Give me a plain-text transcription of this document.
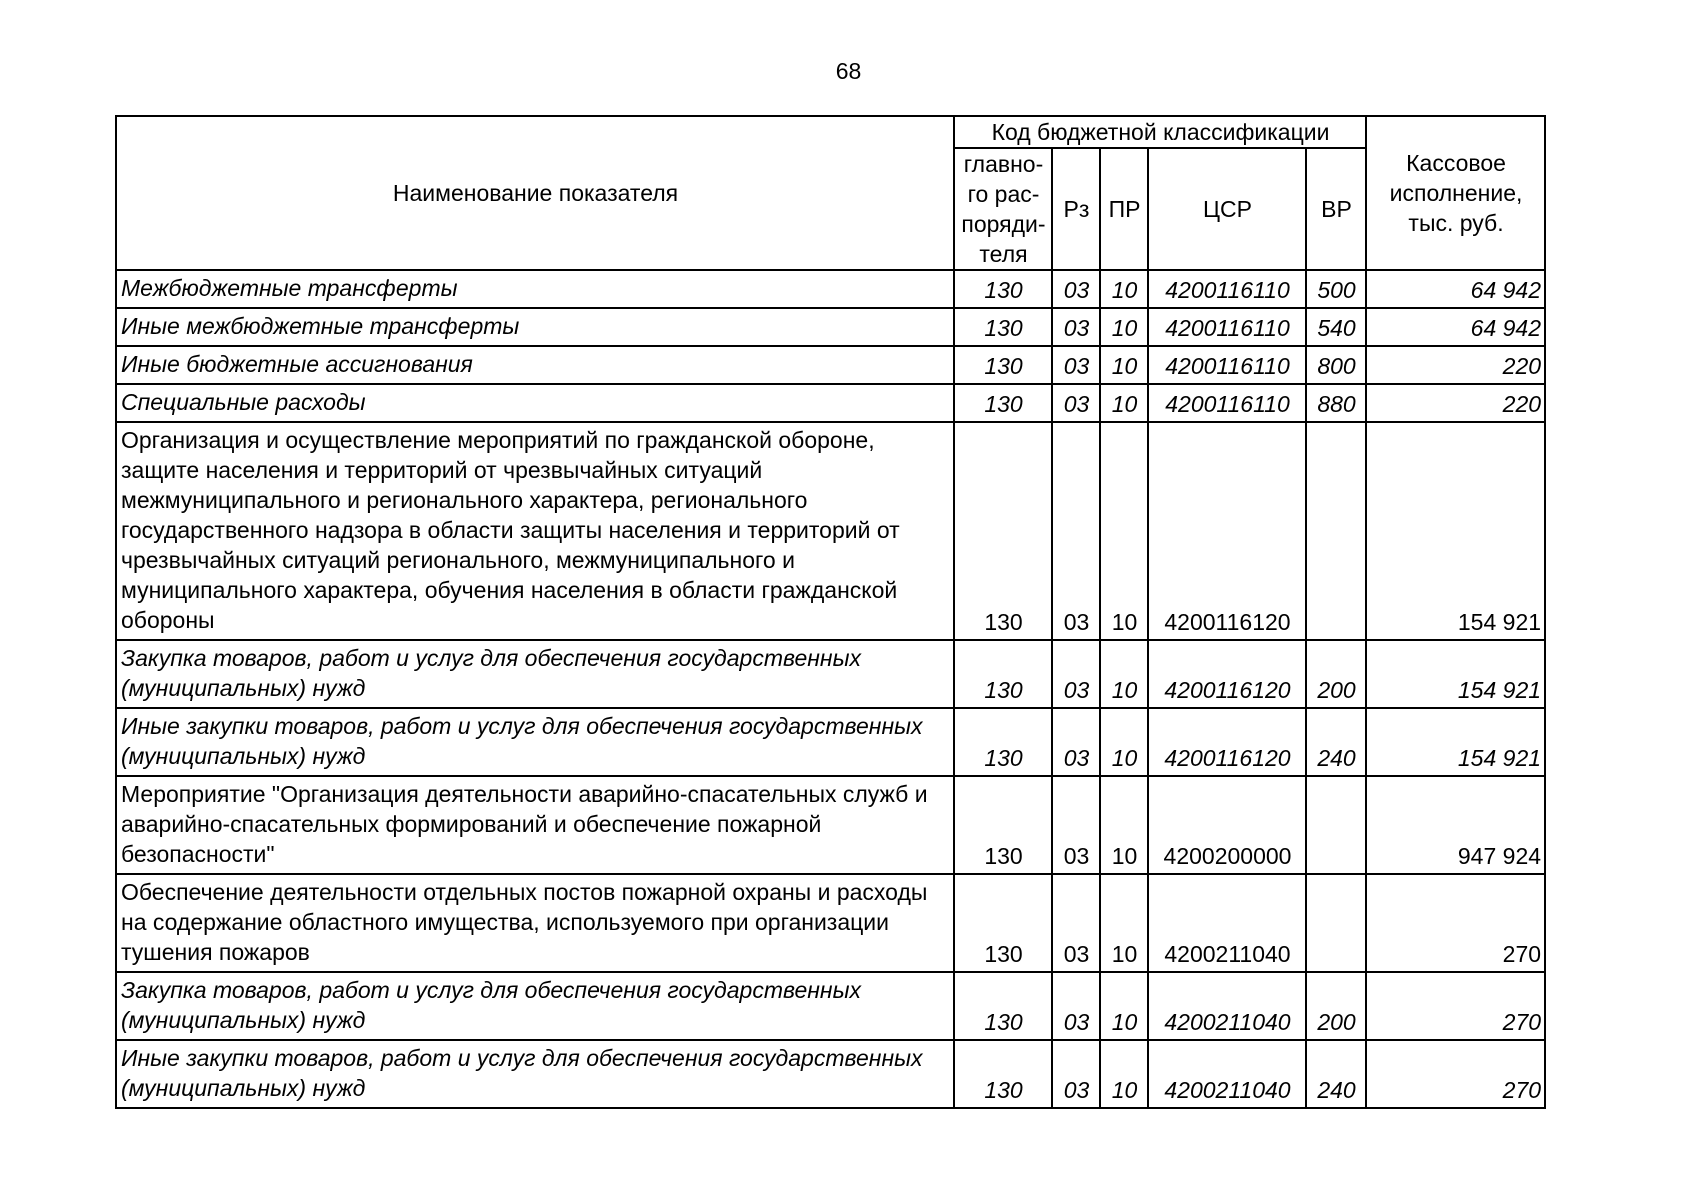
68
Наименование показателя	Код бюджетной классификации					Кассовое
исполнение,
тыс. руб.

	главно-
го рас-
поряди-
теля	Рз	ПР	ЦСР	ВР	
Межбюджетные трансферты	130	03	10	4200116110	500	64 942
Иные межбюджетные трансферты	130	03	10	4200116110	540	64 942
Иные бюджетные ассигнования	130	03	10	4200116110	800	220
Специальные расходы	130	03	10	4200116110	880	220
Организация и осуществление мероприятий по гражданской обороне, защите населения и территорий от чрезвычайных ситуаций межмуниципального и регионального характера, регионального государственного надзора в области защиты населения и территорий от чрезвычайных ситуаций регионального, межмуниципального и муниципального характера, обучения населения в области гражданской обороны	130	03	10	4200116120		154 921
Закупка товаров, работ и услуг для обеспечения государственных (муниципальных) нужд	130	03	10	4200116120	200	154 921
Иные закупки товаров, работ и услуг для обеспечения государственных (муниципальных) нужд	130	03	10	4200116120	240	154 921
Мероприятие "Организация деятельности аварийно-спасательных служб и аварийно-спасательных формирований и обеспечение пожарной безопасности"	130	03	10	4200200000		947 924
Обеспечение деятельности отдельных постов пожарной охраны и расходы на содержание областного имущества, используемого при организации тушения пожаров	130	03	10	4200211040		270
Закупка товаров, работ и услуг для обеспечения государственных (муниципальных) нужд	130	03	10	4200211040	200	270
Иные закупки товаров, работ и услуг для обеспечения государственных (муниципальных) нужд	130	03	10	4200211040	240	270
